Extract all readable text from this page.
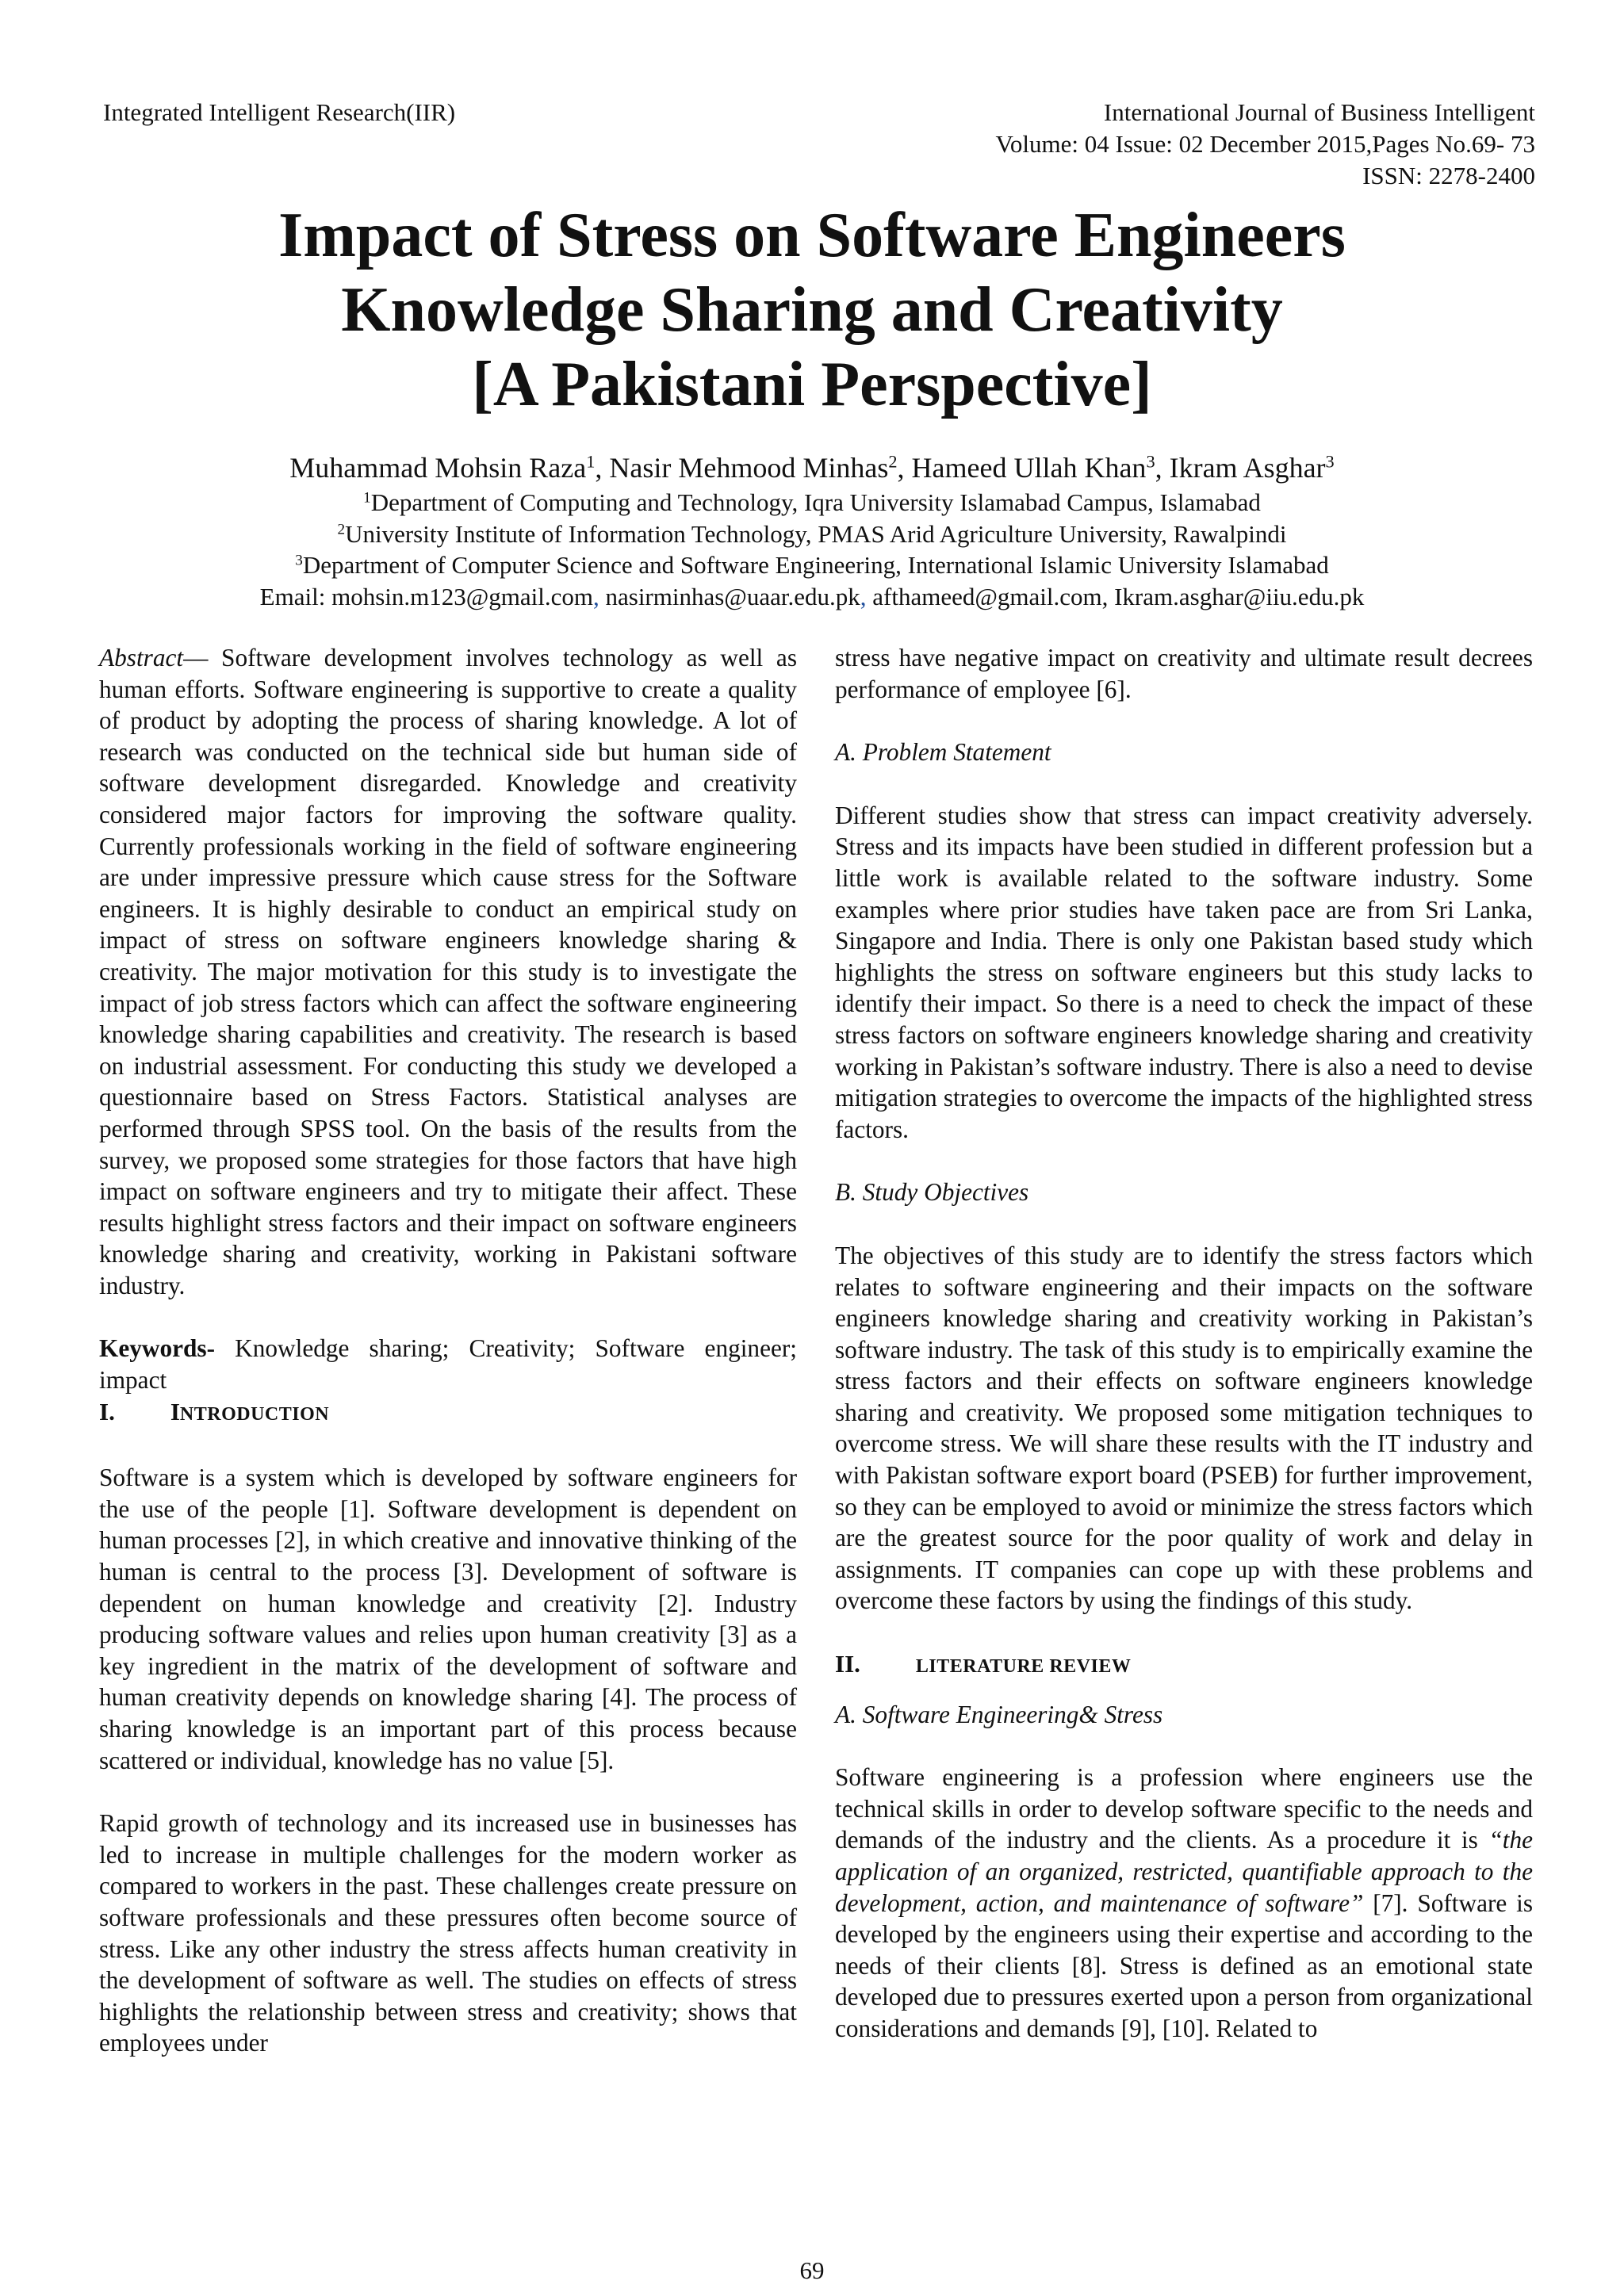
Integrated Intelligent Research(IIR)	International Journal of Business Intelligent
Volume: 04 Issue: 02 December 2015,Pages No.69- 73
ISSN: 2278-2400
Impact of Stress on Software Engineers
Knowledge Sharing and Creativity
[A Pakistani Perspective]
Muhammad Mohsin Raza$^1$, Nasir Mehmood Minhas$^2$, Hameed Ullah Khan$^3$, Ikram Asghar$^3$
$^1$Department of Computing and Technology, Iqra University Islamabad Campus, Islamabad
$^2$University Institute of Information Technology, PMAS Arid Agriculture University, Rawalpindi
$^3$Department of Computer Science and Software Engineering, International Islamic University Islamabad
Email: mohsin.m123@gmail.com, nasirminhas@uaar.edu.pk, afthameed@gmail.com, Ikram.asghar@iiu.edu.pk

Abstract— Software development involves technology as well as human efforts. Software engineering is supportive to create a quality of product by adopting the process of sharing knowledge. A lot of research was conducted on the technical side but human side of software development disregarded. Knowledge and creativity considered major factors for improving the software quality. Currently professionals working in the field of software engineering are under impressive pressure which cause stress for the Software engineers. It is highly desirable to conduct an empirical study on impact of stress on software engineers knowledge sharing & creativity. The major motivation for this study is to investigate the impact of job stress factors which can affect the software engineering knowledge sharing capabilities and creativity. The research is based on industrial assessment. For conducting this study we developed a questionnaire based on Stress Factors. Statistical analyses are performed through SPSS tool. On the basis of the results from the survey, we proposed some strategies for those factors that have high impact on software engineers and try to mitigate their affect. These results highlight stress factors and their impact on software engineers knowledge sharing and creativity, working in Pakistani software industry.

Keywords- Knowledge sharing; Creativity; Software engineer; impact

I. INTRODUCTION

Software is a system which is developed by software engineers for the use of the people [1]. Software development is dependent on human processes [2], in which creative and innovative thinking of the human is central to the process [3]. Development of software is dependent on human knowledge and creativity [2]. Industry producing software values and relies upon human creativity [3] as a key ingredient in the matrix of the development of software and human creativity depends on knowledge sharing [4]. The process of sharing knowledge is an important part of this process because scattered or individual, knowledge has no value [5].

Rapid growth of technology and its increased use in businesses has led to increase in multiple challenges for the modern worker as compared to workers in the past. These challenges create pressure on software professionals and these pressures often become source of stress. Like any other industry the stress affects human creativity in the development of software as well. The studies on effects of stress highlights the relationship between stress and creativity; shows that employees under

stress have negative impact on creativity and ultimate result decrees performance of employee [6].

A. Problem Statement

Different studies show that stress can impact creativity adversely. Stress and its impacts have been studied in different profession but a little work is available related to the software industry. Some examples where prior studies have taken pace are from Sri Lanka, Singapore and India. There is only one Pakistan based study which highlights the stress on software engineers but this study lacks to identify their impact. So there is a need to check the impact of these stress factors on software engineers knowledge sharing and creativity working in Pakistan’s software industry. There is also a need to devise mitigation strategies to overcome the impacts of the highlighted stress factors.

B. Study Objectives

The objectives of this study are to identify the stress factors which relates to software engineering and their impacts on the software engineers knowledge sharing and creativity working in Pakistan’s software industry. The task of this study is to empirically examine the stress factors and their effects on software engineers knowledge sharing and creativity. We proposed some mitigation techniques to overcome stress. We will share these results with the IT industry and with Pakistan software export board (PSEB) for further improvement, so they can be employed to avoid or minimize the stress factors which are the greatest source for the poor quality of work and delay in assignments. IT companies can cope up with these problems and overcome these factors by using the findings of this study.

II.	LITERATURE REVIEW

A. Software Engineering& Stress

Software engineering is a profession where engineers use the technical skills in order to develop software specific to the needs and demands of the industry and the clients. As a procedure it is “the application of an organized, restricted, quantifiable approach to the development, action, and maintenance of software” [7]. Software is developed by the engineers using their expertise and according to the needs of their clients [8]. Stress is defined as an emotional state developed due to pressures exerted upon a person from organizational considerations and demands [9], [10]. Related to

69
